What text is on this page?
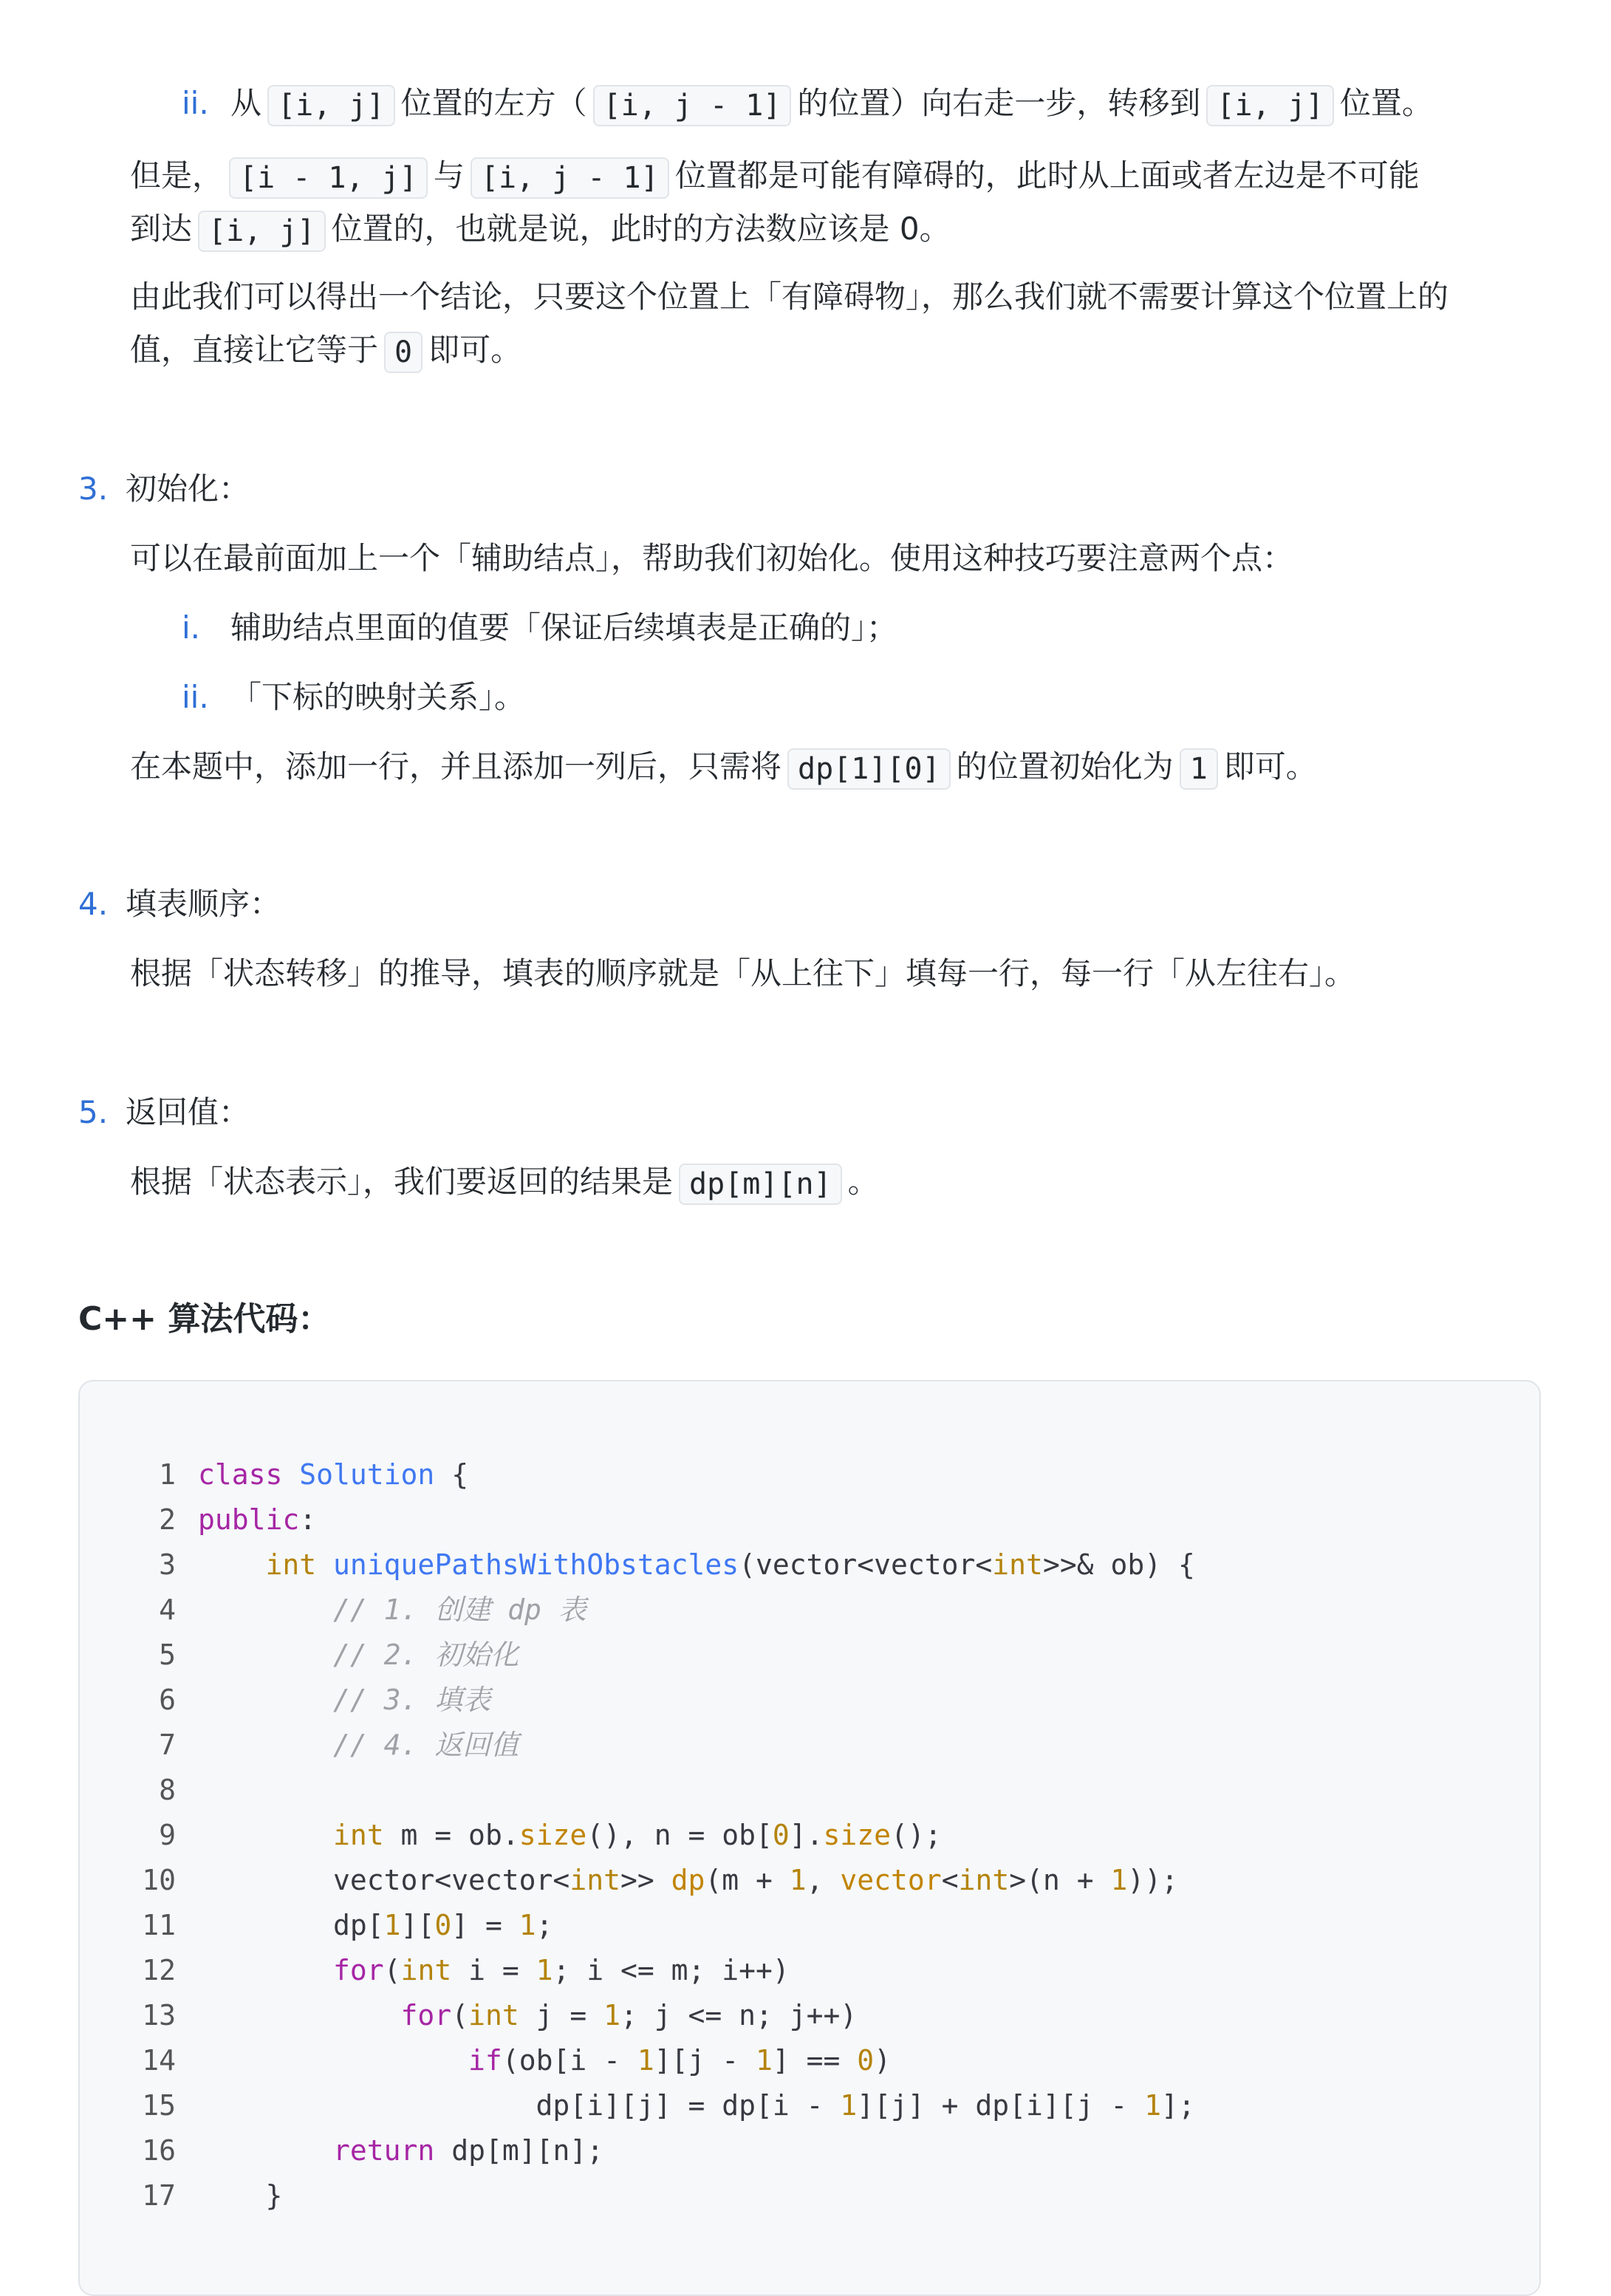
ii. 从 [i, j] 位置的左方（ [i, j - 1] 的位置）向右走一步，转移到 [i, j] 位置。
但是， [i - 1, j] 与 [i, j - 1] 位置都是可能有障碍的，此时从上面或者左边是不可能
到达 [i, j] 位置的，也就是说，此时的方法数应该是 0。
由此我们可以得出一个结论，只要这个位置上「有障碍物」，那么我们就不需要计算这个位置上的
值，直接让它等于 0 即可。
3. 初始化：
可以在最前面加上一个「辅助结点」，帮助我们初始化。使用这种技巧要注意两个点：
i. 辅助结点里面的值要「保证后续填表是正确的」；
ii. 「下标的映射关系」。
在本题中，添加一行，并且添加一列后，只需将 dp[1][0] 的位置初始化为 1 即可。
4. 填表顺序：
根据「状态转移」的推导，填表的顺序就是「从上往下」填每一行，每一行「从左往右」。
5. 返回值：
根据「状态表示」，我们要返回的结果是 dp[m][n] 。
C++ 算法代码：
1 class Solution {
2 public:
3	int uniquePathsWithObstacles(vector<vector<int>>& ob) {
4	// 1. 创建 dp 表
5	// 2. 初始化
6	// 3. 填表
7	// 4. 返回值
8
9	int m = ob.size(), n = ob[0].size();
10 vector<vector<int>> dp(m + 1, vector<int>(n + 1));
11 dp[1][0] = 1;
12	for(int i = 1; i <= m; i++)
13	for(int j = 1; j <= n; j++)
14	if(ob[i - 1][j - 1] == 0)
15 dp[i][j] = dp[i - 1][j] + dp[i][j - 1];
16	return dp[m][n];
17 }
